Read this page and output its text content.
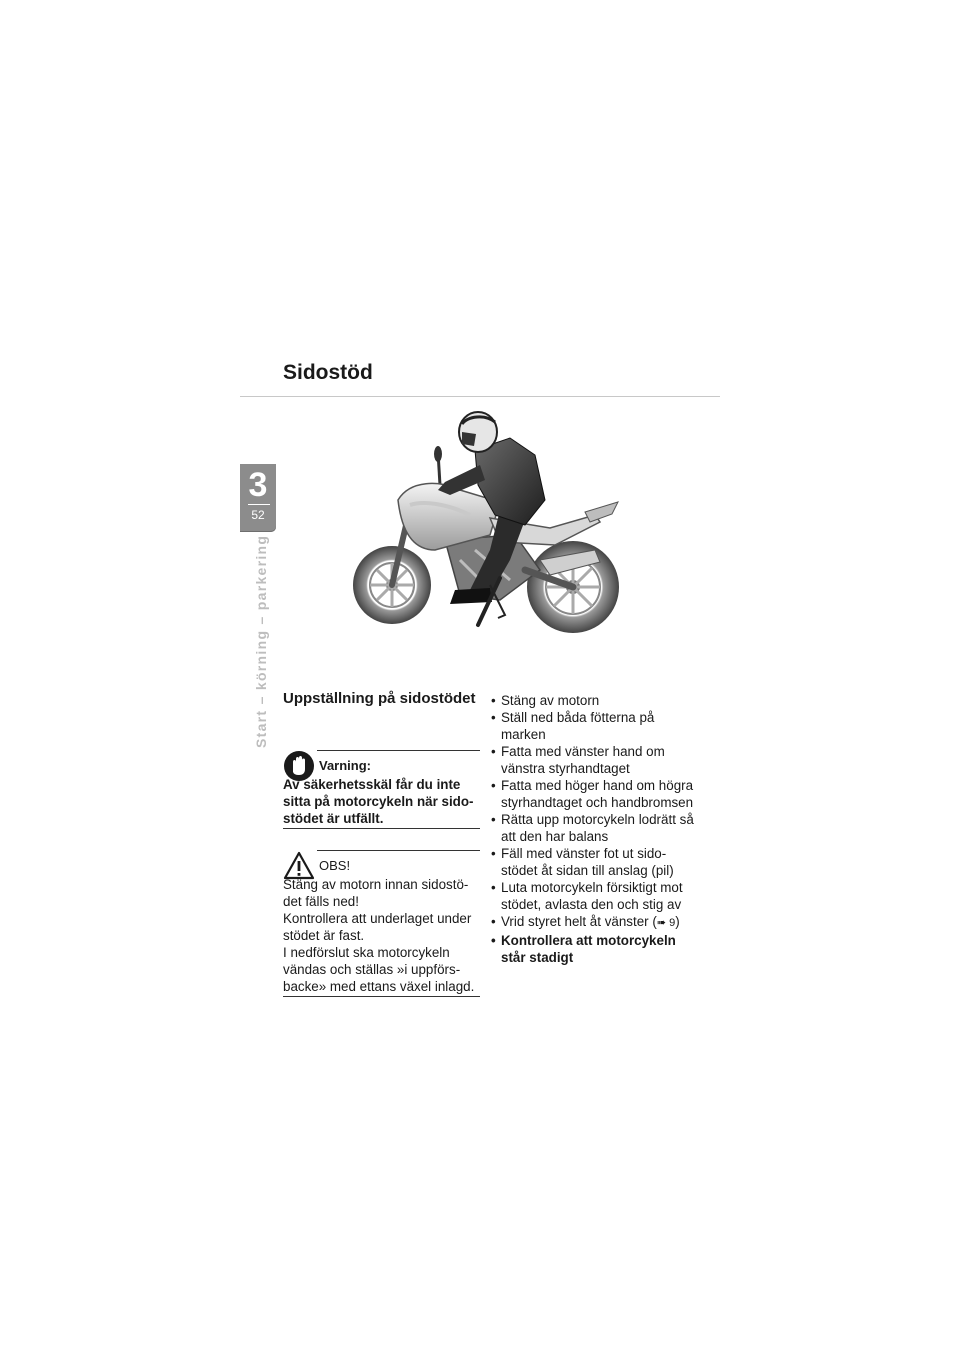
Sidostöd
3
52
Start – körning – parkering Uppställning på sidostödet
Varning:

Av säkerhetsskäl får du inte sitta på motorcykeln när sido-stödet är utfällt.

OBS!

Stäng av motorn innan sidostö-det fälls ned!

Kontrollera att underlaget under stödet är fast.

I nedförslut ska motorcykeln vändas och ställas »i uppförs-backe» med ettans växel inlagd.

• Stäng av motorn
• Ställ ned båda fötterna på marken
• Fatta med vänster hand om vänstra styrhandtaget
• Fatta med höger hand om högra styrhandtaget och handbromsen
• Rätta upp motorcykeln lodrätt så att den har balans
• Fäll med vänster fot ut sido-stödet åt sidan till anslag (pil)
• Luta motorcykeln försiktigt mot stödet, avlasta den och stig av
• Vrid styret helt åt vänster (➠ 9)
• Kontrollera att motorcykeln står stadigt
